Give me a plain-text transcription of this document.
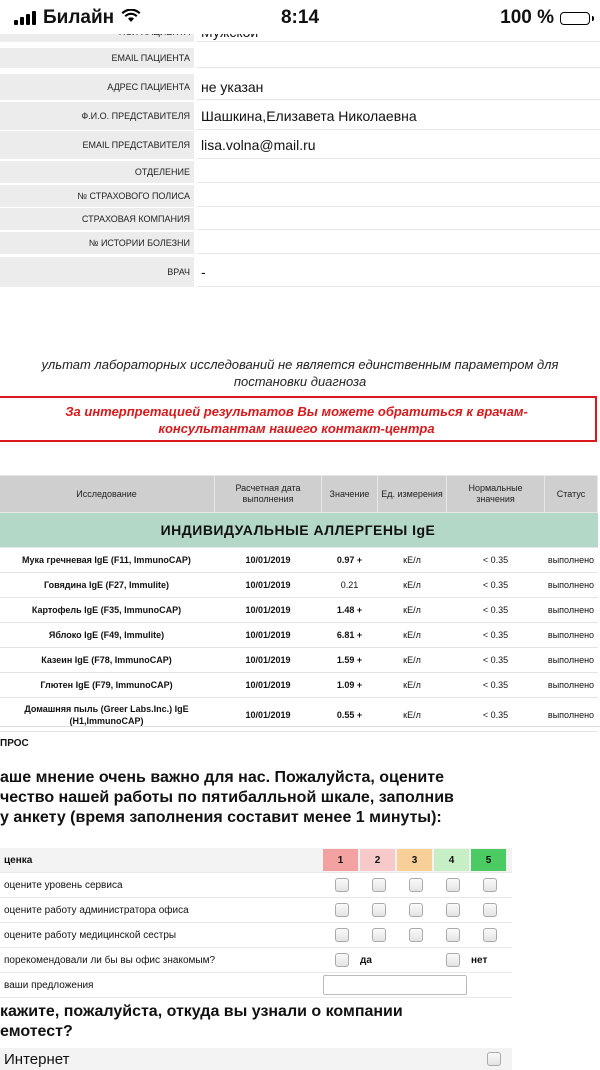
Билайн	8:14	100 %
EMAIL ПАЦИЕНТА
АДРЕС ПАЦИЕНТА не указан
Ф.И.О. ПРЕДСТАВИТЕЛЯ Шашкина,Елизавета Николаевна
EMAIL ПРЕДСТАВИТЕЛЯ lisa.volna@mail.ru
ОТДЕЛЕНИЕ
№ СТРАХОВОГО ПОЛИСА
СТРАХОВАЯ КОМПАНИЯ
№ ИСТОРИИ БОЛЕЗНИ
ВРАЧ -
ультат лабораторных исследований не является единственным параметром для
постановки диагноза
За интерпретацией результатов Вы можете обратиться к врачам-
консультантам нашего контакт-центра
Исследование	Расчетная дата выполнения	Значение	Ед. измерения	Нормальные значения	Статус
ИНДИВИДУАЛЬНЫЕ АЛЛЕРГЕНЫ IgE					
Мука гречневая IgE (F11, ImmunoCAP)	10/01/2019	0.97 +	кЕ/л	< 0.35	выполнено
Говядина IgE (F27, Immulite)	10/01/2019	0.21	кЕ/л	< 0.35	выполнено
Картофель IgE (F35, ImmunoCAP)	10/01/2019	1.48 +	кЕ/л	< 0.35	выполнено
Яблоко IgE (F49, Immulite)	10/01/2019	6.81 +	кЕ/л	< 0.35	выполнено
Казеин IgE (F78, ImmunoCAP)	10/01/2019	1.59 +	кЕ/л	< 0.35	выполнено
Глютен IgE (F79, ImmunoCAP)	10/01/2019	1.09 +	кЕ/л	< 0.35	выполнено
Домашняя пыль (Greer Labs.Inc.) IgE (H1,ImmunoCAP)	10/01/2019	0.55 +	кЕ/л	< 0.35	выполнено
ПРОС
аше мнение очень важно для нас. Пожалуйста, оцените
чество нашей работы по пятибалльной шкале, заполнив
у анкету (время заполнения составит менее 1 минуты):
ценка	1	2	3	4	5
оцените уровень сервиса
оцените работу администратора офиса
оцените работу медицинской сестры
порекомендовали ли бы вы офис знакомым?	да	нет
ваши предложения
кажите, пожалуйста, откуда вы узнали о компании
емотест?
Интернет
